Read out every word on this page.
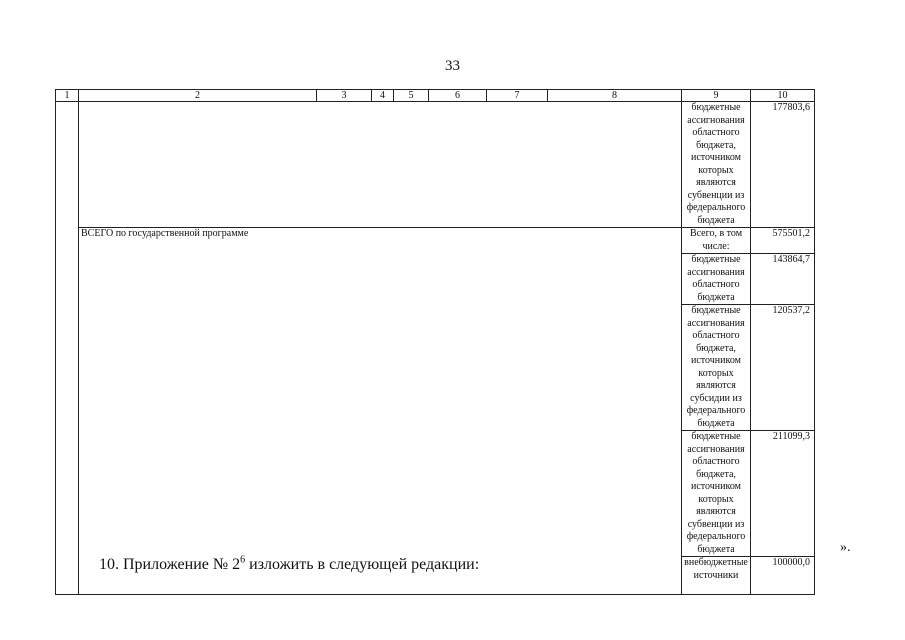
33
1	2	3	4	5	6	7	8	9	10
								бюджетные ассигнования областного бюджета, источником которых являются субвенции из федерального бюджета	177803,6
	ВСЕГО по государственной программе							Всего, в том числе:	575501,2
								бюджетные ассигнования областного бюджета	143864,7
								бюджетные ассигнования областного бюджета, источником которых являются субсидии из федерального бюджета	120537,2
								бюджетные ассигнования областного бюджета, источником которых являются субвенции из федерального бюджета	211099,3
								внебюджетные источники	100000,0
».
10. Приложение № $2^6$ изложить в следующей редакции:
